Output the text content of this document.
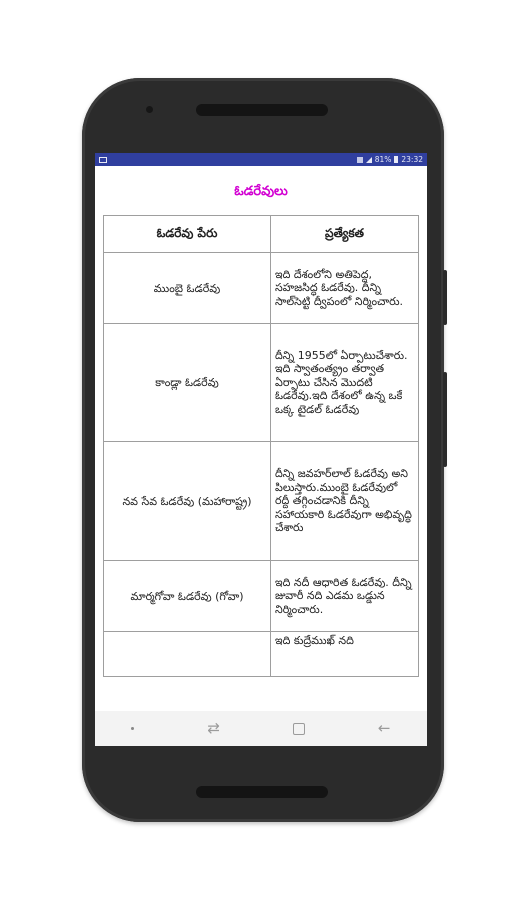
81% 23:32
ఓడరేవులు
ఓడరేవు పేరు	ప్రత్యేకత
ముంబై ఓడరేవు	ఇది దేశంలోని అతిపెద్ద, సహజసిద్ధ ఓడరేవు. దీన్ని సాల్‌సెట్టి ద్వీపంలో నిర్మించారు.
కాండ్లా ఓడరేవు	దీన్ని 1955లో ఏర్పాటుచేశారు. ఇది స్వాతంత్య్రం తర్వాత ఏర్పాటు చేసిన మొదటి ఓడరేవు.ఇది దేశంలో ఉన్న ఒకే ఒక్క టైడల్ ఓడరేవు
నవ సేవ ఓడరేవు (మహారాష్ట్ర)	దీన్ని జవహర్‌లాల్ ఓడరేవు అని పిలుస్తారు.ముంబై ఓడరేవులో రద్దీ తగ్గించడానికి దీన్ని సహాయకారి ఓడరేవుగా అభివృద్ధి చేశారు
మార్మగోవా ఓడరేవు (గోవా)	ఇది నదీ ఆధారిత ఓడరేవు. దీన్ని జువారీ నది ఎడమ ఒడ్డున నిర్మించారు.
	ఇది కుద్రేముఖ్ నది
⇄	←
